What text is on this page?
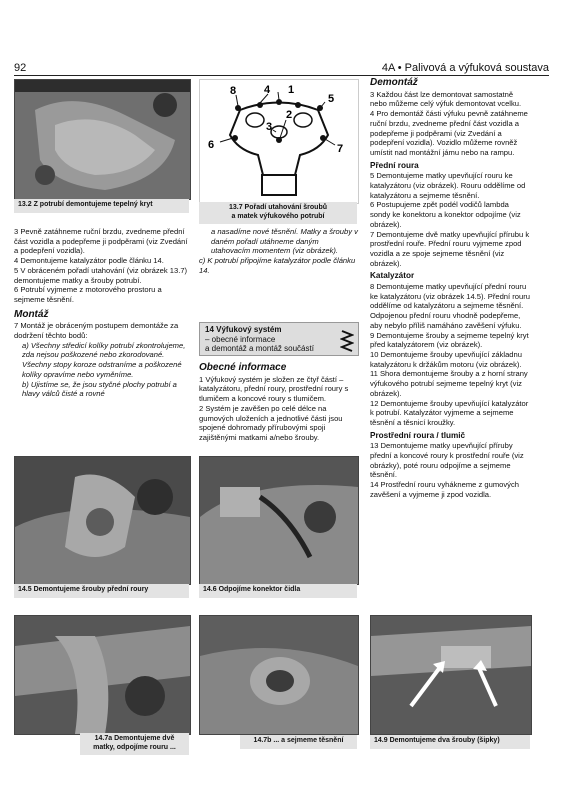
92	4A • Palivová a výfuková soustava
13.2 Z potrubí demontujeme tepelný kryt
8	4 1
5
6
3
2
7
13.7 Pořadí utahování šroubů
a matek výfukového potrubí

3 Pevně zatáhneme ruční brzdu, zvedneme přední část vozidla a podepřeme ji podpěrami (viz Zvedání a podepření vozidla).

4 Demontujeme katalyzátor podle článku 14.

5 V obráceném pořadí utahování (viz obrázek 13.7) demontujeme matky a šrouby potrubí.

6 Potrubí vyjmeme z motorového prostoru a sejmeme těsnění.

Montáž

7 Montáž je obráceným postupem demontáže za dodržení těchto bodů:

a) Všechny středicí kolíky potrubí zkontrolujeme, zda nejsou poškozené nebo zkorodované. Všechny stopy koroze odstraníme a poškozené kolíky opravíme nebo vyměníme.

b) Ujistíme se, že jsou styčné plochy potrubí a hlavy válců čisté a rovné

a nasadíme nové těsnění. Matky a šrouby v daném pořadí utáhneme daným utahovacím momentem (viz obrázek).

c) K potrubí připojíme katalyzátor podle článku 14.

14 Výfukový systém
– obecné informace
a demontáž a montáž součástí
Obecné informace

1 Výfukový systém je složen ze čtyř částí – katalyzátoru, přední roury, prostřední roury s tlumičem a koncové roury s tlumičem.

2 Systém je zavěšen po celé délce na gumových uloženích a jednotlivé části jsou spojené dohromady přírubovými spoji zajištěnými matkami a/nebo šrouby.

Demontáž

3 Každou část lze demontovat samostatně nebo můžeme celý výfuk demontovat vcelku.

4 Pro demontáž části výfuku pevně zatáhneme ruční brzdu, zvedneme přední část vozidla a podepřeme ji podpěrami (viz Zvedání a podepření vozidla). Vozidlo můžeme rovněž umístit nad montážní jámu nebo na rampu.

Přední roura

5 Demontujeme matky upevňující rouru ke katalyzátoru (viz obrázek). Rouru oddělíme od katalyzátoru a sejmeme těsnění.

6 Postupujeme zpět podél vodičů lambda sondy ke konektoru a konektor odpojíme (viz obrázek).

7 Demontujeme dvě matky upevňující přírubu k prostřední rouře. Přední rouru vyjmeme zpod vozidla a ze spoje sejmeme těsnění (viz obrázek).

Katalyzátor

8 Demontujeme matky upevňující přední rouru ke katalyzátoru (viz obrázek 14.5). Přední rouru oddělíme od katalyzátoru a sejmeme těsnění. Odpojenou přední rouru vhodně podepřeme, aby nebylo příliš namáháno zavěšení výfuku.

9 Demontujeme šrouby a sejmeme tepelný kryt před katalyzátorem (viz obrázek).

10 Demontujeme šrouby upevňující základnu katalyzátoru k držákům motoru (viz obrázek).

11 Shora demontujeme šrouby a z horní strany výfukového potrubí sejmeme tepelný kryt (viz obrázek).

12 Demontujeme šrouby upevňující katalyzátor k potrubí. Katalyzátor vyjmeme a sejmeme těsnění a těsnicí kroužky.

Prostřední roura / tlumič

13 Demontujeme matky upevňující příruby přední a koncové roury k prostřední rouře (viz obrázky), poté rouru odpojíme a sejmeme těsnění.

14 Prostřední rouru vyhákneme z gumových zavěšení a vyjmeme ji zpod vozidla.

14.5 Demontujeme šrouby přední roury	14.6 Odpojíme konektor čidla
14.7a Demontujeme dvě
matky, odpojíme rouru ...
14.7b ... a sejmeme těsnění	14.9 Demontujeme dva šrouby (šipky)
